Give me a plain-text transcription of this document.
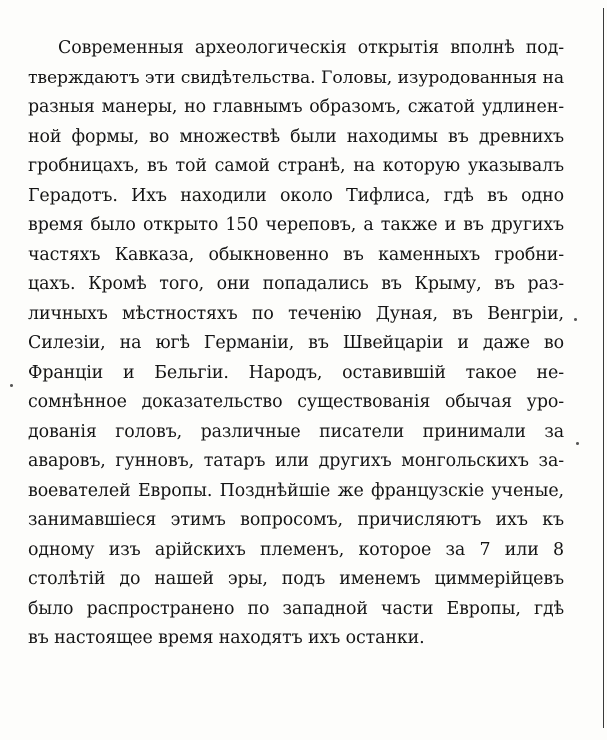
Современныя археологическія открытія вполнѣ под-
тверждаютъ эти свидѣтельства. Головы, изуродованныя на
разныя манеры, но главнымъ образомъ, сжатой удлинен-
ной формы, во множествѣ были находимы въ древнихъ
гробницахъ, въ той самой странѣ, на которую указывалъ
Герадотъ. Ихъ находили около Тифлиса, гдѣ въ одно
время было открыто 150 череповъ, а также и въ другихъ
частяхъ Кавказа, обыкновенно въ каменныхъ гробни-
цахъ. Кромѣ того, они попадались въ Крыму, въ раз-
личныхъ мѣстностяхъ по теченію Дуная, въ Венгріи,
Силезіи, на югѣ Германіи, въ Швейцаріи и даже во
Франціи и Бельгіи. Народъ, оставившій такое не-
сомнѣнное доказательство существованія обычая уро-
дованія головъ, различные писатели принимали за
аваровъ, гунновъ, татаръ или другихъ монгольскихъ за-
воевателей Европы. Позднѣйшіе же французскіе ученые,
занимавшіеся этимъ вопросомъ, причисляютъ ихъ къ
одному изъ арійскихъ племенъ, которое за 7 или 8
столѣтій до нашей эры, подъ именемъ циммерійцевъ
было распространено по западной части Европы, гдѣ
въ настоящее время находятъ ихъ останки.
